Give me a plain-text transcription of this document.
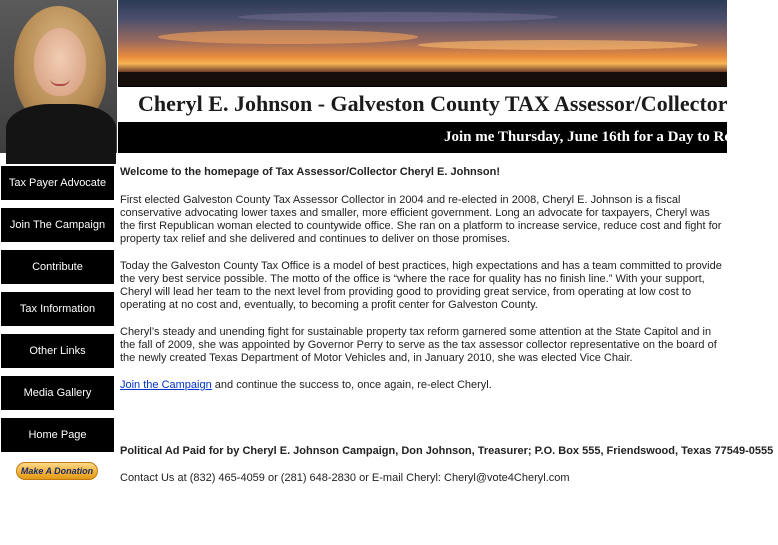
Cheryl E. Johnson - Galveston County TAX Assessor/Collector
Join me Thursday, June 16th for a Day to Remembe
Tax Payer Advocate
Join The Campaign
Contribute
Tax Information
Other Links
Media Gallery
Home Page
Make A Donation

Welcome to the homepage of Tax Assessor/Collector Cheryl E. Johnson!

First elected Galveston County Tax Assessor Collector in 2004 and re-elected in 2008, Cheryl E. Johnson is a fiscal conservative advocating lower taxes and smaller, more efficient government. Long an advocate for taxpayers, Cheryl was the first Republican woman elected to countywide office. She ran on a platform to increase service, reduce cost and fight for property tax relief and she delivered and continues to deliver on those promises.

Today the Galveston County Tax Office is a model of best practices, high expectations and has a team committed to provide the very best service possible. The motto of the office is “where the race for quality has no finish line.” With your support, Cheryl will lead her team to the next level from providing good to providing great service, from operating at low cost to operating at no cost and, eventually, to becoming a profit center for Galveston County.

Cheryl’s steady and unending fight for sustainable property tax reform garnered some attention at the State Capitol and in the fall of 2009, she was appointed by Governor Perry to serve as the tax assessor collector representative on the board of the newly created Texas Department of Motor Vehicles and, in January 2010, she was elected Vice Chair.

Join the Campaign and continue the success to, once again, re-elect Cheryl.

Political Ad Paid for by Cheryl E. Johnson Campaign, Don Johnson, Treasurer; P.O. Box 555, Friendswood, Texas 77549-0555

Contact Us at (832) 465-4059 or (281) 648-2830 or E-mail Cheryl: Cheryl@vote4Cheryl.com
